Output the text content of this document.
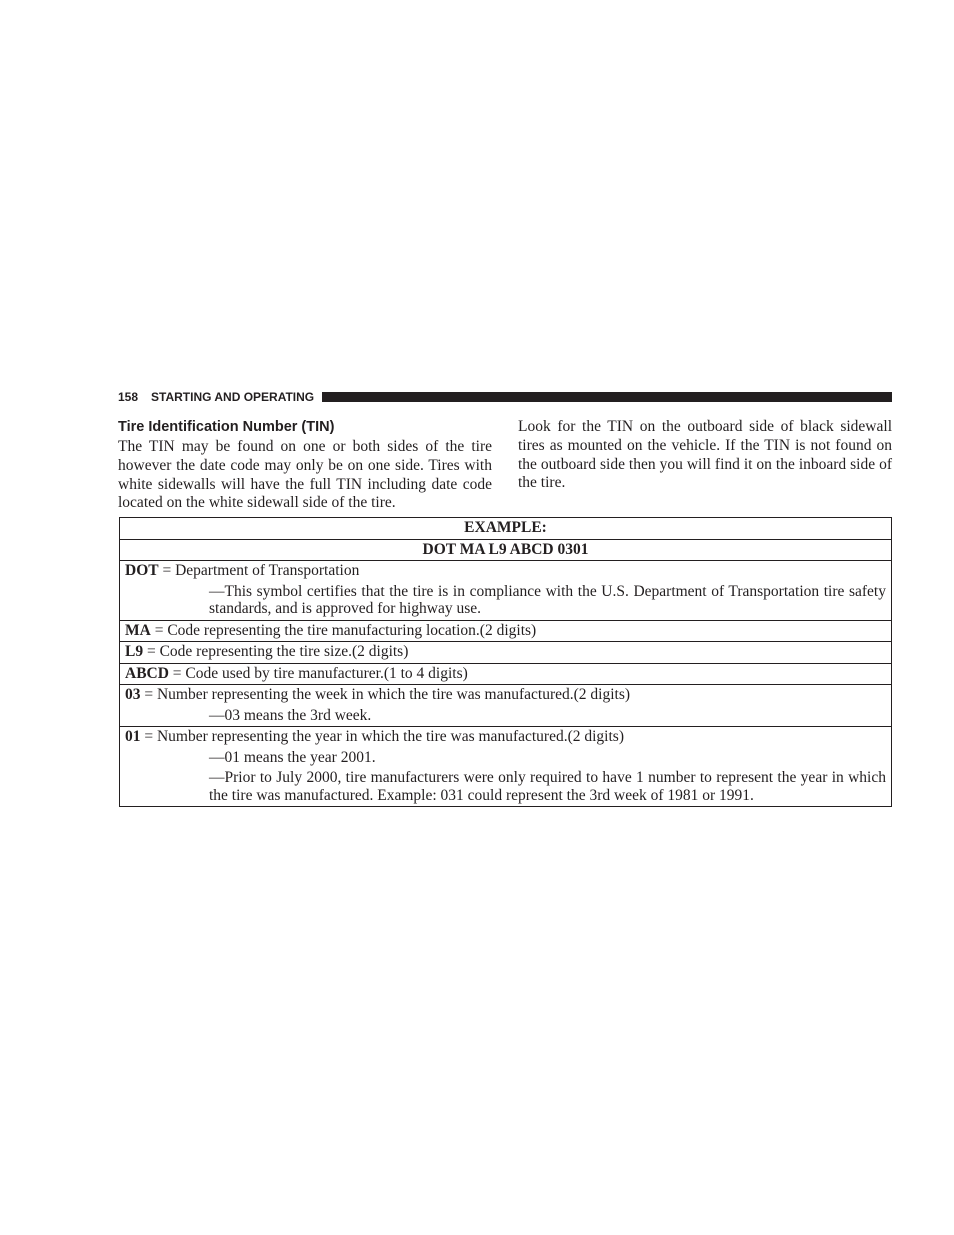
158 STARTING AND OPERATING
Tire Identification Number (TIN)

The TIN may be found on one or both sides of the tire however the date code may only be on one side. Tires with white sidewalls will have the full TIN including date code located on the white sidewall side of the tire.

Look for the TIN on the outboard side of black sidewall tires as mounted on the vehicle. If the TIN is not found on the outboard side then you will find it on the inboard side of the tire.

EXAMPLE:
DOT MA L9 ABCD 0301

DOT = Department of Transportation
—This symbol certifies that the tire is in compliance with the U.S. Department of Transportation tire safety standards, and is approved for highway use.

MA = Code representing the tire manufacturing location.(2 digits)

L9 = Code representing the tire size.(2 digits)

ABCD = Code used by tire manufacturer.(1 to 4 digits)

03 = Number representing the week in which the tire was manufactured.(2 digits)
—03 means the 3rd week.

01 = Number representing the year in which the tire was manufactured.(2 digits)
—01 means the year 2001.
—Prior to July 2000, tire manufacturers were only required to have 1 number to represent the year in which the tire was manufactured. Example: 031 could represent the 3rd week of 1981 or 1991.
